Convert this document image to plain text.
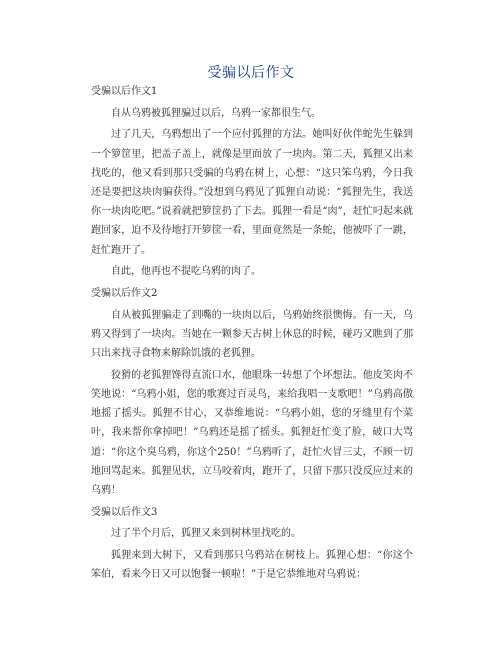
受骗以后作文

受骗以后作文1

自从乌鸦被狐狸骗过以后，乌鸦一家都很生气。

过了几天，乌鸦想出了一个应付狐狸的方法。她叫好伙伴蛇先生躲到一个箩筐里，把盖子盖上，就像是里面放了一块肉。第二天，狐狸又出来找吃的，他又看到那只受骗的乌鸦在树上，心想：“这只笨乌鸦，今日我还是要把这块肉骗获得。”没想到乌鸦见了狐狸自动说：“狐狸先生，我送你一块肉吃吧。”说着就把箩筐扔了下去。狐狸一看是“肉”，赶忙叼起来就跑回家，迫不及待地打开箩筐一看，里面竟然是一条蛇，他被吓了一跳，赶忙跑开了。

自此，他再也不提吃乌鸦的肉了。

受骗以后作文2

自从被狐狸骗走了到嘴的一块肉以后，乌鸦始终很懊悔。有一天，乌鸦又得到了一块肉。当她在一颗参天古树上休息的时候，碰巧又瞧到了那只出来找寻食物来解除饥饿的老狐狸。

狡猾的老狐狸馋得直流口水，他眼珠一转想了个坏想法。他皮笑肉不笑地说：“乌鸦小姐，您的歌赛过百灵鸟，来给我唱一支歌吧！”乌鸦高傲地摇了摇头。狐狸不甘心，又恭维地说：“乌鸦小姐，您的牙缝里有个菜叶，我来帮你拿掉吧！”乌鸦还是摇了摇头。狐狸赶忙变了脸，破口大骂道：“你这个臭乌鸦，你这个250！”乌鸦听了，赶忙火冒三丈，不顾一切地回骂起来。狐狸见状，立马咬着肉，跑开了，只留下那只没反应过来的乌鸦！

受骗以后作文3

过了半个月后，狐狸又来到树林里找吃的。

狐狸来到大树下，又看到那只乌鸦站在树枝上。狐狸心想：“你这个笨伯，看来今日又可以饱餐一顿啦！”于是它恭维地对乌鸦说：
